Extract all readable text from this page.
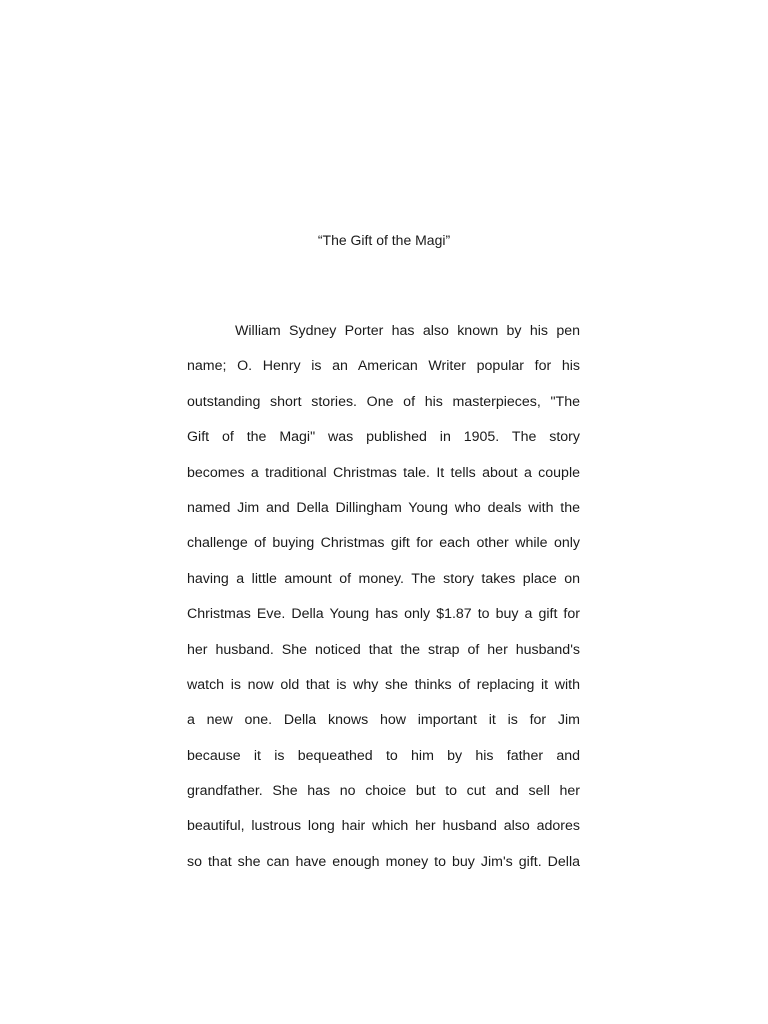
“The Gift of the Magi”
William Sydney Porter has also known by his pen
name; O. Henry is an American Writer popular for his
outstanding short stories. One of his masterpieces, "The
Gift of the Magi" was published in 1905. The story
becomes a traditional Christmas tale. It tells about a couple
named Jim and Della Dillingham Young who deals with the
challenge of buying Christmas gift for each other while only
having a little amount of money. The story takes place on
Christmas Eve. Della Young has only $1.87 to buy a gift for
her husband. She noticed that the strap of her husband's
watch is now old that is why she thinks of replacing it with
a new one. Della knows how important it is for Jim
because it is bequeathed to him by his father and
grandfather. She has no choice but to cut and sell her
beautiful, lustrous long hair which her husband also adores
so that she can have enough money to buy Jim's gift. Della
